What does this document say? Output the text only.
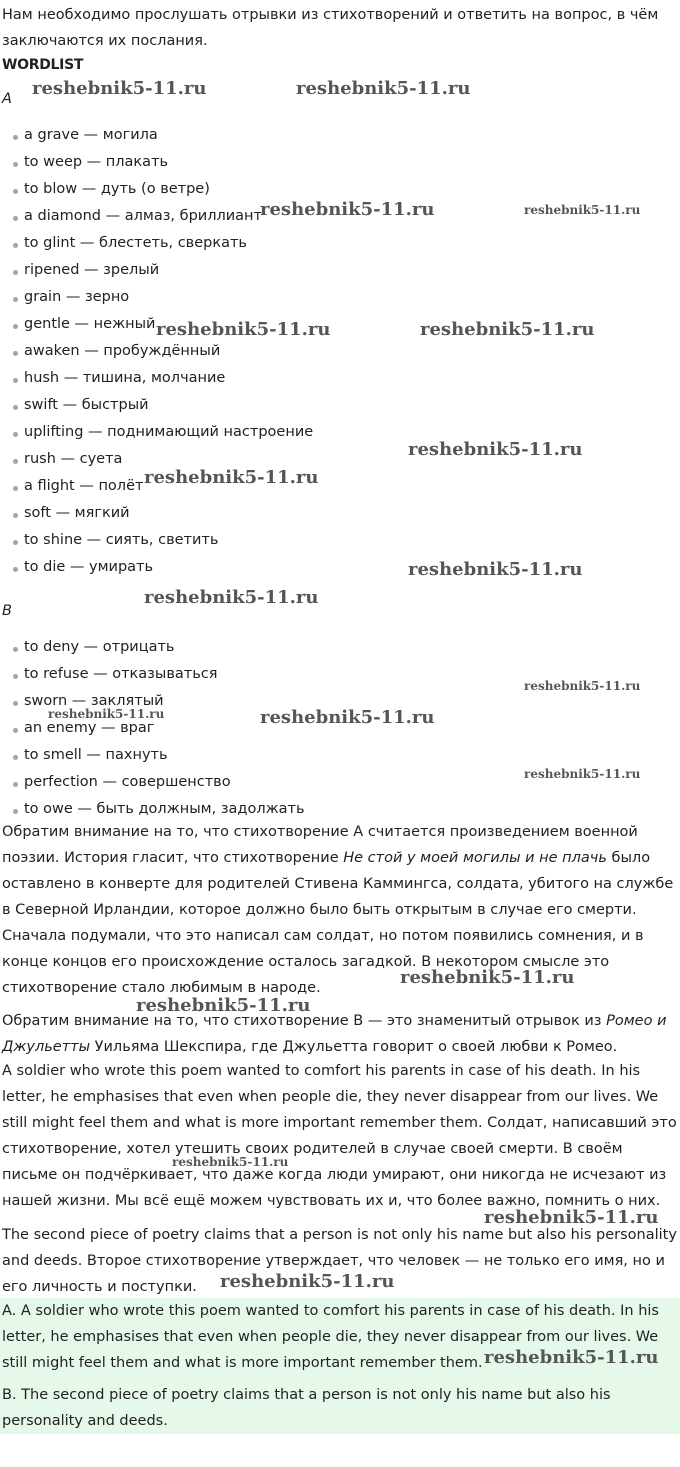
Нам необходимо прослушать отрывки из стихотворений и ответить на вопрос, в чём заключаются их послания.
WORDLIST
A
a grave — могила
to weep — плакать
to blow — дуть (о ветре)
a diamond — алмаз, бриллиант
to glint — блестеть, сверкать
ripened — зрелый
grain — зерно
gentle — нежный
awaken — пробуждённый
hush — тишина, молчание
swift — быстрый
uplifting — поднимающий настроение
rush — суета
a flight — полёт
soft — мягкий
to shine — сиять, светить
to die — умирать
B
to deny — отрицать
to refuse — отказываться
sworn — заклятый
an enemy — враг
to smell — пахнуть
perfection — совершенство
to owe — быть должным, задолжать
Обратим внимание на то, что стихотворение A считается произведением военной поэзии. История гласит, что стихотворение Не стой у моей могилы и не плачь было оставлено в конверте для родителей Стивена Каммингса, солдата, убитого на службе в Северной Ирландии, которое должно было быть открытым в случае его смерти. Сначала подумали, что это написал сам солдат, но потом появились сомнения, и в конце концов его происхождение осталось загадкой. В некотором смысле это стихотворение стало любимым в народе.
Обратим внимание на то, что стихотворение B — это знаменитый отрывок из Ромео и Джульетты Уильяма Шекспира, где Джульетта говорит о своей любви к Ромео.
A soldier who wrote this poem wanted to comfort his parents in case of his death. In his letter, he emphasises that even when people die, they never disappear from our lives. We still might feel them and what is more important remember them. Солдат, написавший это стихотворение, хотел утешить своих родителей в случае своей смерти. В своём письме он подчёркивает, что даже когда люди умирают, они никогда не исчезают из нашей жизни. Мы всё ещё можем чувствовать их и, что более важно, помнить о них.
The second piece of poetry claims that a person is not only his name but also his personality and deeds. Второе стихотворение утверждает, что человек — не только его имя, но и его личность и поступки.
A. A soldier who wrote this poem wanted to comfort his parents in case of his death. In his letter, he emphasises that even when people die, they never disappear from our lives. We still might feel them and what is more important remember them.
B. The second piece of poetry claims that a person is not only his name but also his personality and deeds.
reshebnik5-11.ru	reshebnik5-11.ru
reshebnik5-11.ru	reshebnik5-11.ru
reshebnik5-11.ru	reshebnik5-11.ru
reshebnik5-11.ru
reshebnik5-11.ru
reshebnik5-11.ru
reshebnik5-11.ru
reshebnik5-11.ru
reshebnik5-11.ru	reshebnik5-11.ru
reshebnik5-11.ru
reshebnik5-11.ru
reshebnik5-11.ru
reshebnik5-11.ru
reshebnik5-11.ru
reshebnik5-11.ru
reshebnik5-11.ru
